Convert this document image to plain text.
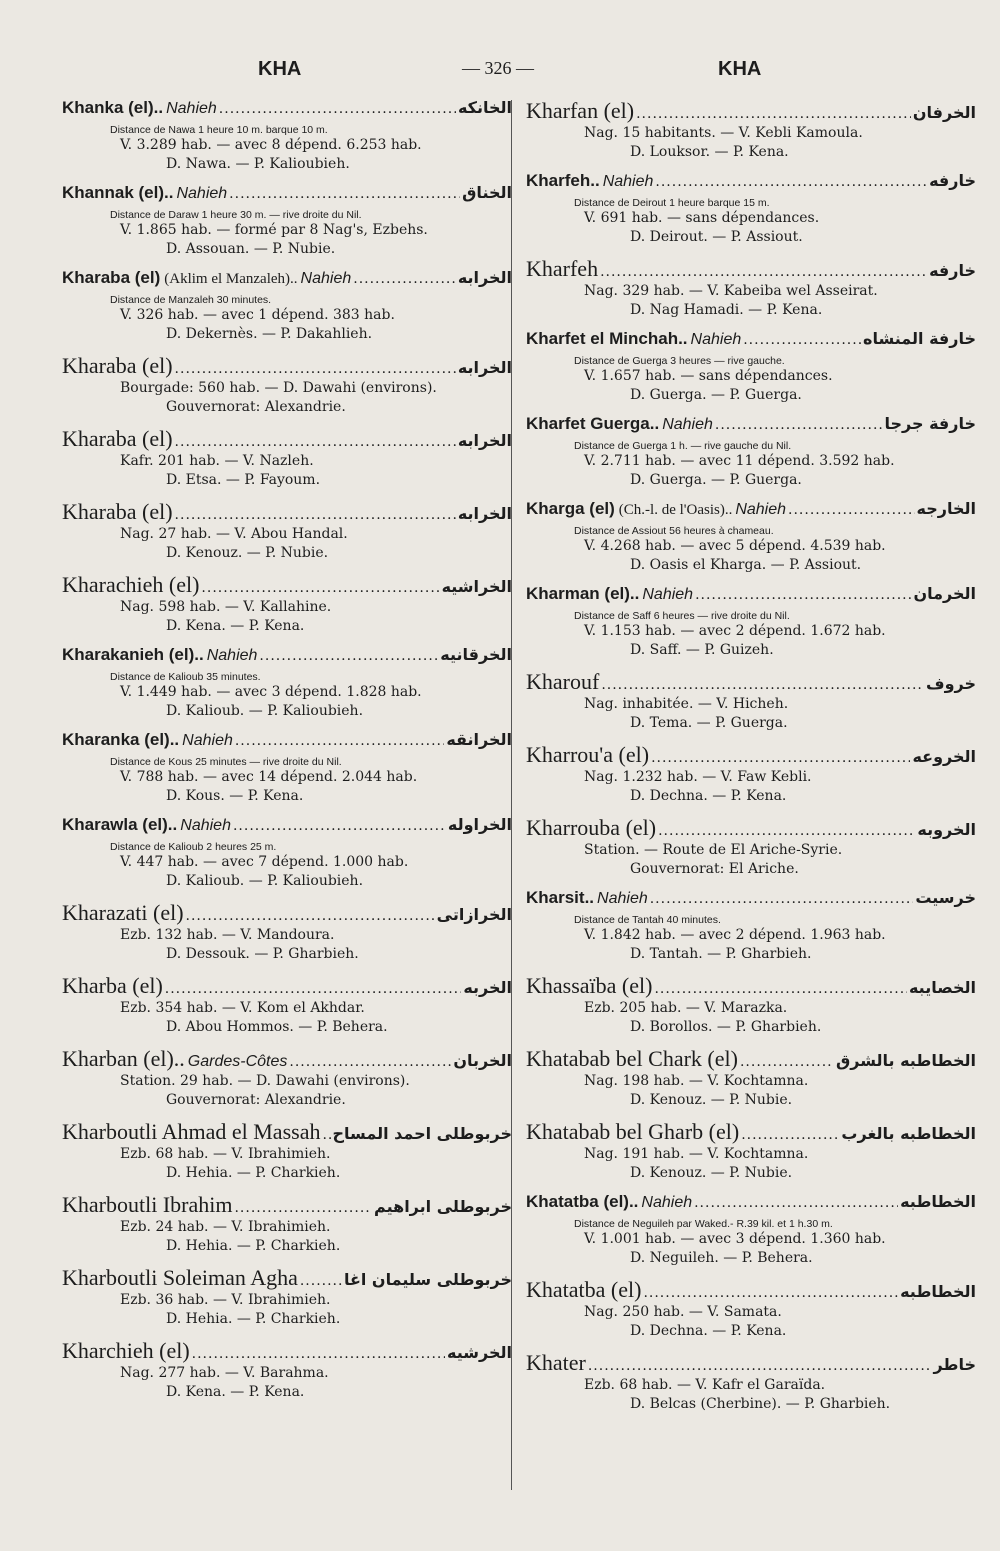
KHA	— 326 —	KHA
Khanka (el).. Nahieh .....	الخانكه
Distance de Nawa 1 heure 10 m. barque 10 m.
V. 3.289 hab. — avec 8 dépend. 6.253 hab.
D. Nawa. — P. Kalioubieh.
Khannak (el).. Nahieh .....	الخناق
Distance de Daraw 1 heure 30 m. — rive droite du Nil.
V. 1.865 hab. — formé par 8 Nag's, Ezbehs.
D. Assouan. — P. Nubie.
Kharaba (el) (Aklim el Manzaleh).. Nahieh .....	الخرابه
Distance de Manzaleh 30 minutes.
V. 326 hab. — avec 1 dépend. 383 hab.
D. Dekernès. — P. Dakahlieh.
Kharaba (el) .....	الخرابه
Bourgade: 560 hab. — D. Dawahi (environs).
Gouvernorat: Alexandrie.
Kharaba (el) .....	الخرابه
Kafr. 201 hab. — V. Nazleh.
D. Etsa. — P. Fayoum.
Kharaba (el) .....	الخرابه
Nag. 27 hab. — V. Abou Handal.
D. Kenouz. — P. Nubie.
Kharachieh (el) .....	الخراشيه
Nag. 598 hab. — V. Kallahine.
D. Kena. — P. Kena.
Kharakanieh (el).. Nahieh .....	الخرقانيه
Distance de Kalioub 35 minutes.
V. 1.449 hab. — avec 3 dépend. 1.828 hab.
D. Kalioub. — P. Kalioubieh.
Kharanka (el).. Nahieh .....	الخرانقه
Distance de Kous 25 minutes — rive droite du Nil.
V. 788 hab. — avec 14 dépend. 2.044 hab.
D. Kous. — P. Kena.
Kharawla (el).. Nahieh .....	الخراوله
Distance de Kalioub 2 heures 25 m.
V. 447 hab. — avec 7 dépend. 1.000 hab.
D. Kalioub. — P. Kalioubieh.
Kharazati (el) .....	الخرازاتى
Ezb. 132 hab. — V. Mandoura.
D. Dessouk. — P. Gharbieh.
Kharba (el) .....	الخربه
Ezb. 354 hab. — V. Kom el Akhdar.
D. Abou Hommos. — P. Behera.
Kharban (el).. Gardes-Côtes .....	الخربان
Station. 29 hab. — D. Dawahi (environs).
Gouvernorat: Alexandrie.
Kharboutli Ahmad el Massah ..... خربوطلى احمد المساح
Ezb. 68 hab. — V. Ibrahimieh.
D. Hehia. — P. Charkieh.
Kharboutli Ibrahim .....	خربوطلى ابراهيم
Ezb. 24 hab. — V. Ibrahimieh.
D. Hehia. — P. Charkieh.
Kharboutli Soleiman Agha .....	خربوطلى سليمان اغا
Ezb. 36 hab. — V. Ibrahimieh.
D. Hehia. — P. Charkieh.
Kharchieh (el) .....	الخرشيه
Nag. 277 hab. — V. Barahma.
D. Kena. — P. Kena.
Kharfan (el) .....	الخرفان
Nag. 15 habitants. — V. Kebli Kamoula.
D. Louksor. — P. Kena.
Kharfeh.. Nahieh .....	خارفه
Distance de Deirout 1 heure barque 15 m.
V. 691 hab. — sans dépendances.
D. Deirout. — P. Assiout.
Kharfeh .....	خارفه
Nag. 329 hab. — V. Kabeiba wel Asseirat.
D. Nag Hamadi. — P. Kena.
Kharfet el Minchah.. Nahieh .....	خارفة المنشاه
Distance de Guerga 3 heures — rive gauche.
V. 1.657 hab. — sans dépendances.
D. Guerga. — P. Guerga.
Kharfet Guerga.. Nahieh .....	خارفة جرجا
Distance de Guerga 1 h. — rive gauche du Nil.
V. 2.711 hab. — avec 11 dépend. 3.592 hab.
D. Guerga. — P. Guerga.
Kharga (el) (Ch.-l. de l'Oasis).. Nahieh .....	الخارجه
Distance de Assiout 56 heures à chameau.
V. 4.268 hab. — avec 5 dépend. 4.539 hab.
D. Oasis el Kharga. — P. Assiout.
Kharman (el).. Nahieh .....	الخرمان
Distance de Saff 6 heures — rive droite du Nil.
V. 1.153 hab. — avec 2 dépend. 1.672 hab.
D. Saff. — P. Guizeh.
Kharouf .....	خروف
Nag. inhabitée. — V. Hicheh.
D. Tema. — P. Guerga.
Kharrou'a (el) .....	الخروعه
Nag. 1.232 hab. — V. Faw Kebli.
D. Dechna. — P. Kena.
Kharrouba (el) .....	الخروبه
Station. — Route de El Ariche-Syrie.
Gouvernorat: El Ariche.
Kharsit.. Nahieh .....	خرسيت
Distance de Tantah 40 minutes.
V. 1.842 hab. — avec 2 dépend. 1.963 hab.
D. Tantah. — P. Gharbieh.
Khassaïba (el) .....	الخصايبه
Ezb. 205 hab. — V. Marazka.
D. Borollos. — P. Gharbieh.
Khatabab bel Chark (el) .....	الخطاطبه بالشرق
Nag. 198 hab. — V. Kochtamna.
D. Kenouz. — P. Nubie.
Khatabab bel Gharb (el) .....	الخطاطبه بالغرب
Nag. 191 hab. — V. Kochtamna.
D. Kenouz. — P. Nubie.
Khatatba (el).. Nahieh .....	الخطاطبه
Distance de Neguileh par Waked.- R.39 kil. et 1 h.30 m.
V. 1.001 hab. — avec 3 dépend. 1.360 hab.
D. Neguileh. — P. Behera.
Khatatba (el) .....	الخطاطبه
Nag. 250 hab. — V. Samata.
D. Dechna. — P. Kena.
Khater .....	خاطر
Ezb. 68 hab. — V. Kafr el Garaïda.
D. Belcas (Cherbine). — P. Gharbieh.
